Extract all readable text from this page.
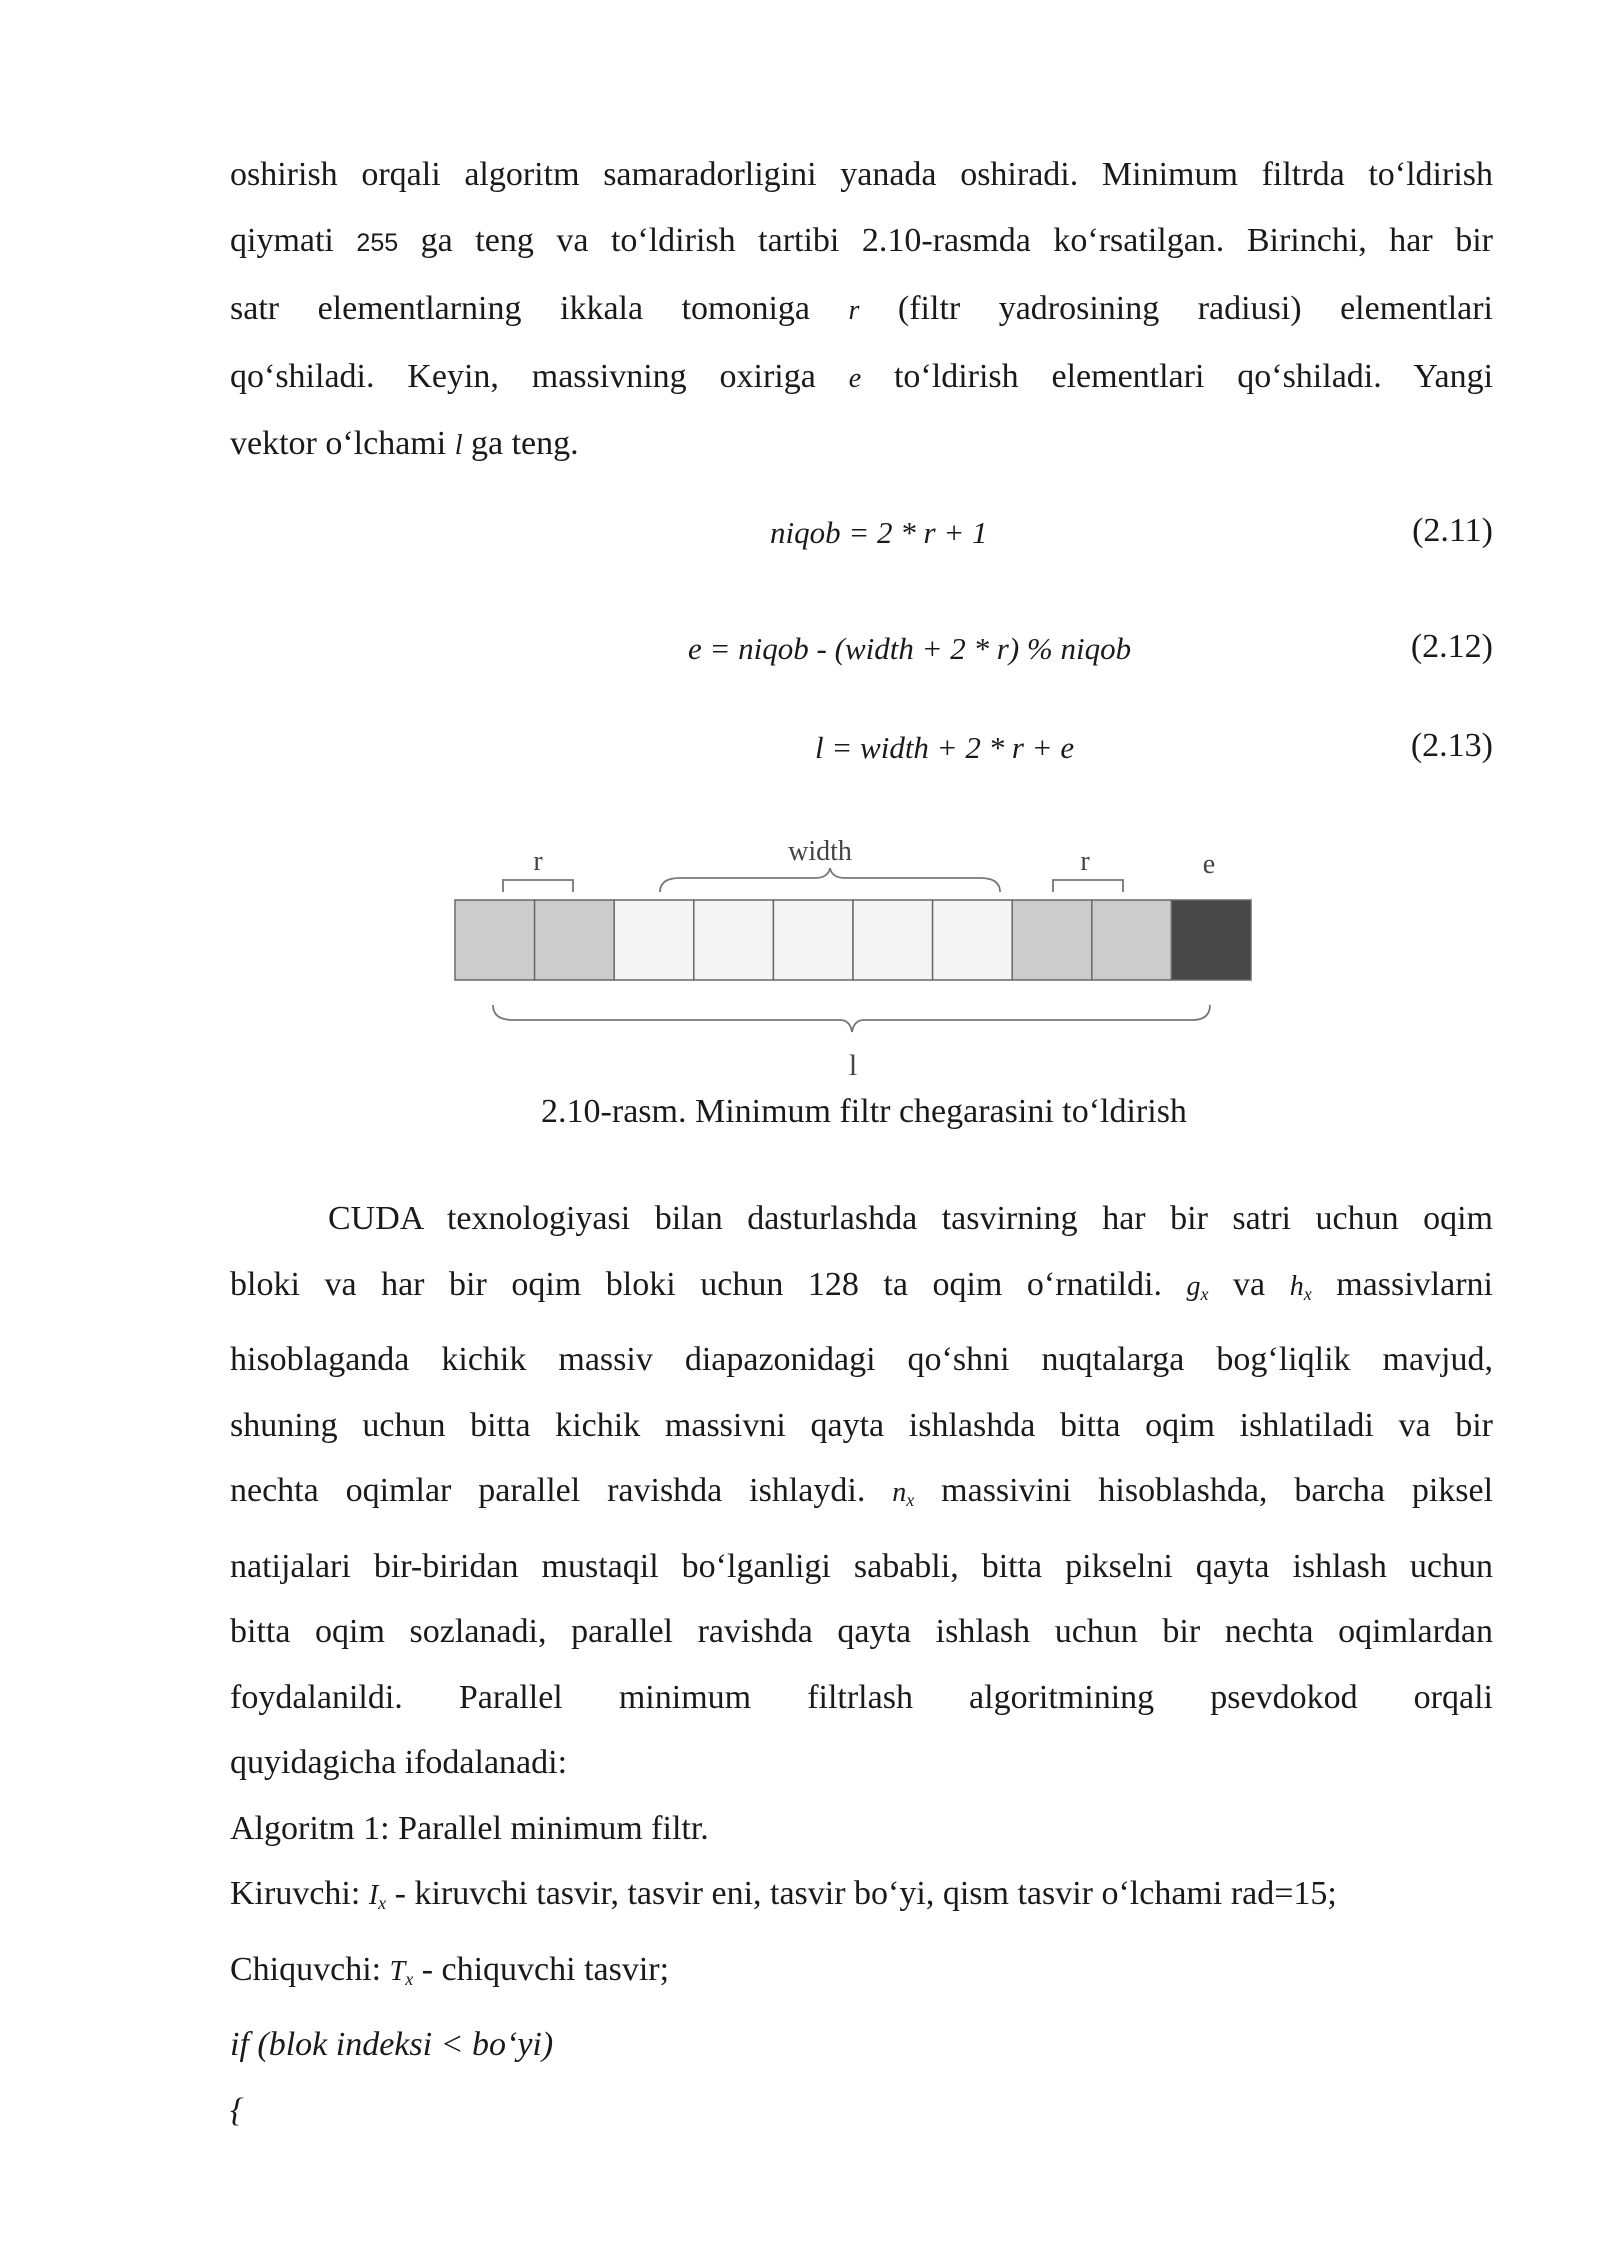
oshirish orqali algoritm samaradorligini yanada oshiradi. Minimum filtrda to‘ldirish
qiymati 255 ga teng va to‘ldirish tartibi 2.10-rasmda ko‘rsatilgan. Birinchi, har bir
satr elementlarning ikkala tomoniga r (filtr yadrosining radiusi) elementlari
qo‘shiladi. Keyin, massivning oxiriga e to‘ldirish elementlari qo‘shiladi. Yangi
vektor o‘lchami l ga teng.
niqob = 2 * r + 1	(2.11)
e = niqob - (width + 2 * r) % niqob	(2.12)
l = width + 2 * r + e	(2.13)
r	width	r	e
l
2.10-rasm. Minimum filtr chegarasini to‘ldirish
CUDA texnologiyasi bilan dasturlashda tasvirning har bir satri uchun oqim
bloki va har bir oqim bloki uchun 128 ta oqim o‘rnatildi. $g_x$ va $h_x$ massivlarni
hisoblaganda kichik massiv diapazonidagi qo‘shni nuqtalarga bog‘liqlik mavjud,
shuning uchun bitta kichik massivni qayta ishlashda bitta oqim ishlatiladi va bir
nechta oqimlar parallel ravishda ishlaydi. $n_x$ massivini hisoblashda, barcha piksel
natijalari bir-biridan mustaqil bo‘lganligi sababli, bitta pikselni qayta ishlash uchun
bitta oqim sozlanadi, parallel ravishda qayta ishlash uchun bir nechta oqimlardan
foydalanildi. Parallel minimum filtrlash algoritmining psevdokod orqali
quyidagicha ifodalanadi:
Algoritm 1: Parallel minimum filtr.
Kiruvchi: $I_x$ - kiruvchi tasvir, tasvir eni, tasvir bo‘yi, qism tasvir o‘lchami rad=15;
Chiquvchi: $T_x$ - chiquvchi tasvir;
if (blok indeksi < bo‘yi)
{
